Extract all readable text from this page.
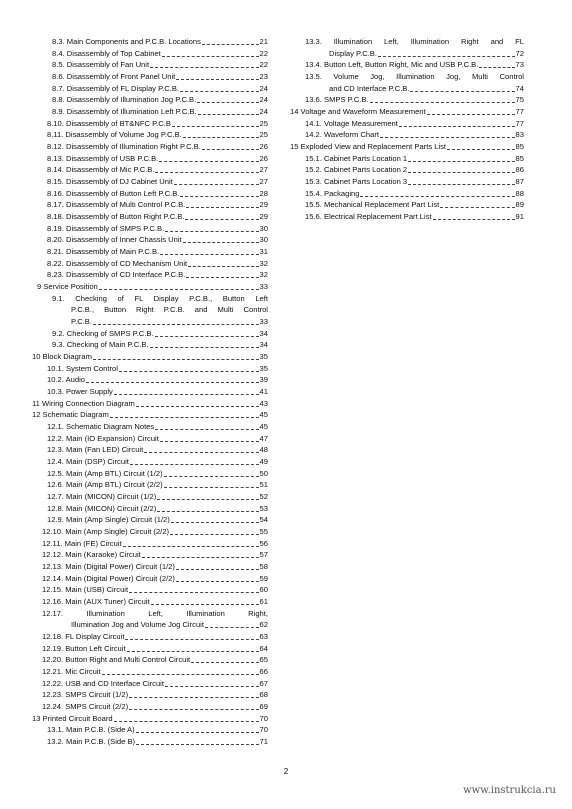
8.3. Main Components and P.C.B. Locations	21
8.4. Disassembly of Top Cabinet	22
8.5. Disassembly of Fan Unit	22
8.6. Disassembly of Front Panel Unit	23
8.7. Disassembly of FL Display P.C.B.	24
8.8. Disassembly of Illumination Jog P.C.B.	24
8.9. Disassembly of Illumination Left P.C.B.	24
8.10. Disassembly of BT&NFC P.C.B	25
8.11. Disassembly of Volume Jog P.C.B.	25
8.12. Disassembly of Illumination Right P.C.B.	26
8.13. Disassembly of USB P.C.B.	26
8.14. Disassembly of Mic P.C.B.	27
8.15. Disassembly of DJ Cabinet Unit	27
8.16. Disassembly of Button Left P.C.B.	28
8.17. Disassembly of Multi Control P.C.B.	29
8.18. Disassembly of Button Right P.C.B.	29
8.19. Disassembly of SMPS P.C.B.	30
8.20. Disassembly of Inner Chassis Unit	30
8.21. Disassembly of Main P.C.B.	31
8.22. Disassembly of CD Mechanism Unit	32
8.23. Disassembly of CD Interface P.C.B.	32
9 Service Position	33
9.1. Checking of FL Display P.C.B., Button Left
P.C.B., Button Right P.C.B. and Multi Control
P.C.B.	33
9.2. Checking of SMPS P.C.B.	34
9.3. Checking of Main P.C.B.	34
10 Block Diagram	35
10.1. System Control	35
10.2. Audio	39
10.3. Power Supply	41
11 Wiring Connection Diagram	43
12 Schematic Diagram	45
12.1. Schematic Diagram Notes	45
12.2. Main (IO Expansion) Circuit	47
12.3. Main (Fan LED) Circuit	48
12.4. Main (DSP) Circuit	49
12.5. Main (Amp BTL) Circuit (1/2)	50
12.6. Main (Amp BTL) Circuit (2/2)	51
12.7. Main (MICON) Circuit (1/2)	52
12.8. Main (MICON) Circuit (2/2)	53
12.9. Main (Amp Single) Circuit (1/2)	54
12.10. Main (Amp Single) Circuit (2/2)	55
12.11. Main (FE) Circuit	56
12.12. Main (Karaoke) Circuit	57
12.13. Main (Digital Power) Circuit (1/2)	58
12.14. Main (Digital Power) Circuit (2/2)	59
12.15. Main (USB) Circuit	60
12.16. Main (AUX Tuner) Circuit	61
12.17. Illumination Left, Illumination Right,
Illumination Jog and Volume Jog Circuit	62
12.18. FL Display Circuit	63
12.19. Button Left Circuit	64
12.20. Button Right and Multi Control Circuit	65
12.21. Mic Circuit	66
12.22. USB and CD Interface Circuit	67
12.23. SMPS Circuit (1/2)	68
12.24. SMPS Circuit (2/2)	69
13 Printed Circuit Board	70
13.1. Main P.C.B. (Side A)	70
13.2. Main P.C.B. (Side B)	71
13.3. Illumination Left, Illumination Right and FL
Display P.C.B.	72
13.4. Button Left, Button Right, Mic and USB P.C.B.	73
13.5. Volume Jog, Illumination Jog, Multi Control
and CD Interface P.C.B.	74
13.6. SMPS P.C.B.	75
14 Voltage and Waveform Measurement	77
14.1. Voltage Measurement	77
14.2. Waveform Chart	83
15 Exploded View and Replacement Parts List	85
15.1. Cabinet Parts Location 1	85
15.2. Cabinet Parts Location 2	86
15.3. Cabinet Parts Location 3	87
15.4. Packaging	88
15.5. Mechanical Replacement Part List	89
15.6. Electrical Replacement Part List	91
2
www.instrukcia.ru
